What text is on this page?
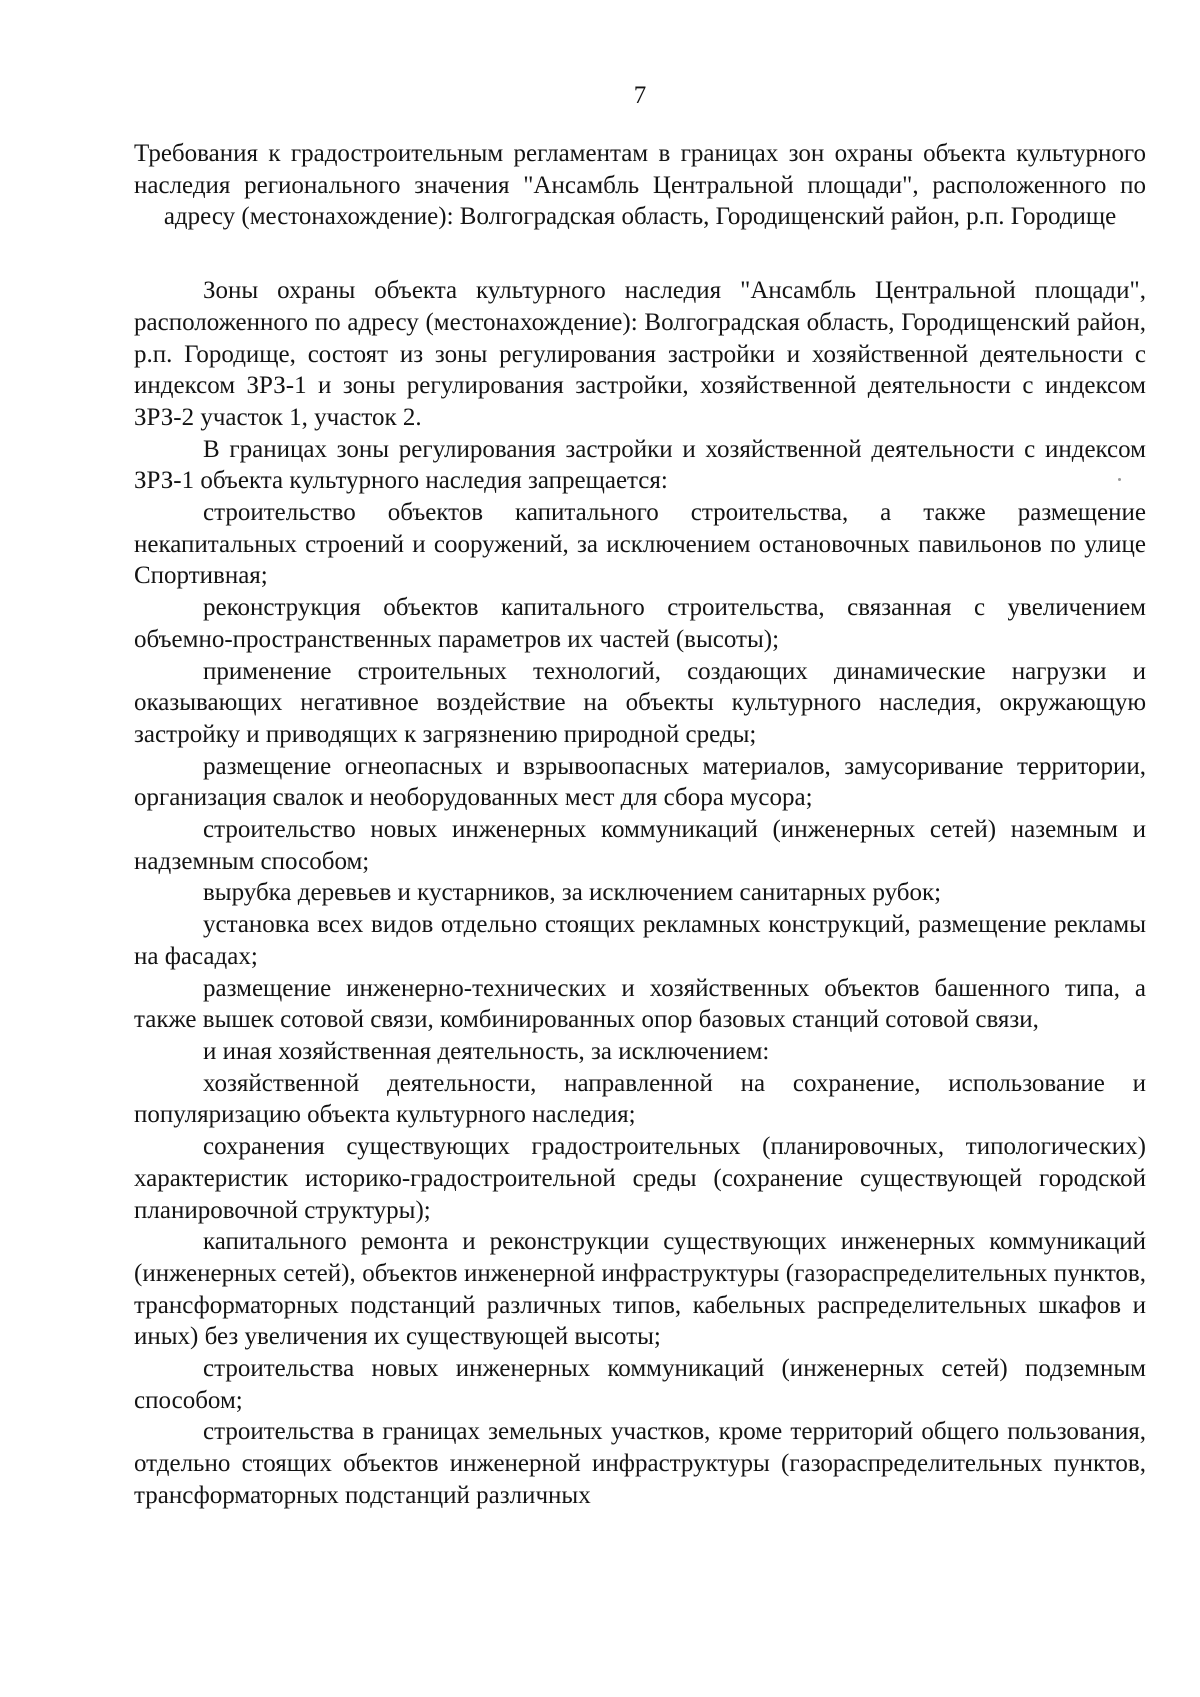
7
Требования к градостроительным регламентам в границах зон охраны объекта культурного наследия регионального значения "Ансамбль Центральной площади", расположенного по адресу (местонахождение): Волгоградская область, Городищенский район, р.п. Городище

Зоны охраны объекта культурного наследия "Ансамбль Центральной площади", расположенного по адресу (местонахождение): Волгоградская область, Городищенский район, р.п. Городище, состоят из зоны регулирования застройки и хозяйственной деятельности с индексом ЗРЗ-1 и зоны регулирования застройки, хозяйственной деятельности с индексом ЗРЗ-2 участок 1, участок 2.

В границах зоны регулирования застройки и хозяйственной деятельности с индексом ЗРЗ-1 объекта культурного наследия запрещается:

строительство объектов капитального строительства, а также размещение некапитальных строений и сооружений, за исключением остановочных павильонов по улице Спортивная;

реконструкция объектов капитального строительства, связанная с увеличением объемно-пространственных параметров их частей (высоты);

применение строительных технологий, создающих динамические нагрузки и оказывающих негативное воздействие на объекты культурного наследия, окружающую застройку и приводящих к загрязнению природной среды;

размещение огнеопасных и взрывоопасных материалов, замусоривание территории, организация свалок и необорудованных мест для сбора мусора;

строительство новых инженерных коммуникаций (инженерных сетей) наземным и надземным способом;

вырубка деревьев и кустарников, за исключением санитарных рубок;

установка всех видов отдельно стоящих рекламных конструкций, размещение рекламы на фасадах;

размещение инженерно-технических и хозяйственных объектов башенного типа, а также вышек сотовой связи, комбинированных опор базовых станций сотовой связи,

и иная хозяйственная деятельность, за исключением:

хозяйственной деятельности, направленной на сохранение, использование и популяризацию объекта культурного наследия;

сохранения существующих градостроительных (планировочных, типологических) характеристик историко-градостроительной среды (сохранение существующей городской планировочной структуры);

капитального ремонта и реконструкции существующих инженерных коммуникаций (инженерных сетей), объектов инженерной инфраструктуры (газораспределительных пунктов, трансформаторных подстанций различных типов, кабельных распределительных шкафов и иных) без увеличения их существующей высоты;

строительства новых инженерных коммуникаций (инженерных сетей) подземным способом;

строительства в границах земельных участков, кроме территорий общего пользования, отдельно стоящих объектов инженерной инфраструктуры (газораспределительных пунктов, трансформаторных подстанций различных
